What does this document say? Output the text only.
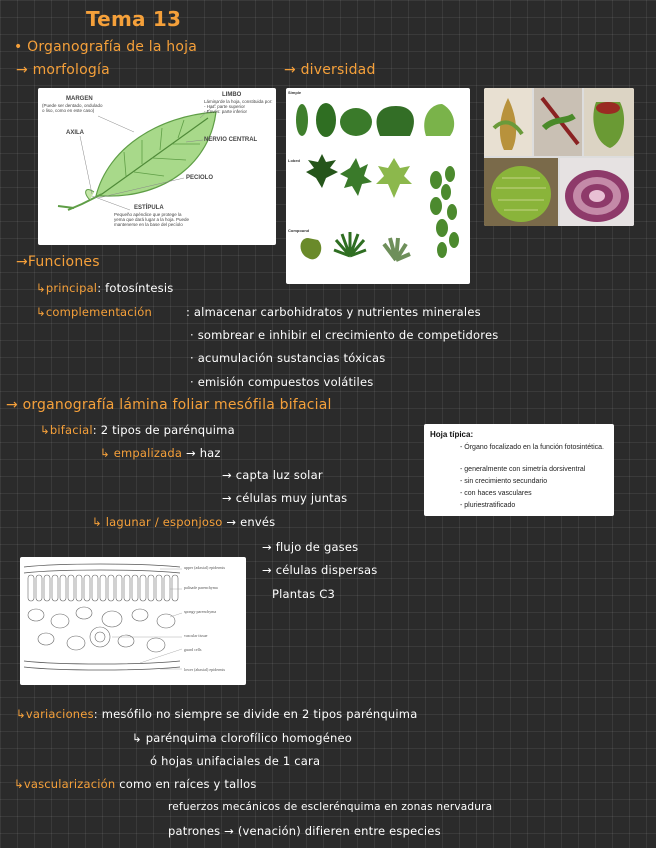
Tema 13
• Organografía de la hoja
→ morfología	→ diversidad
MARGEN
(Puede ser dentado, ondulado
o liso, como en este caso)
AXILA
LIMBO
Lámina de la hoja, constituida por:
- Haz: parte superior
- Envés: parte inferior
NERVIO CENTRAL
PECIOLO
ESTÍPULA
Pequeño apéndice que protege la
yema que dará lugar a la hoja. Puede
mantenerse en la base del pecíolo
Simple
Lobed
Compound
→Funciones
↳principal: fotosíntesis
↳complementación	: almacenar carbohidratos y nutrientes minerales
· sombrear e inhibir el crecimiento de competidores
· acumulación sustancias tóxicas
· emisión compuestos volátiles
→ organografía lámina foliar mesófila bifacial
↳bifacial: 2 tipos de parénquima
↳ empalizada → haz
→ capta luz solar
→ células muy juntas
↳ lagunar / esponjoso → envés
→ flujo de gases
→ células dispersas
Plantas C3
Hoja típica:
- Órgano focalizado en la función fotosintética.
- generalmente con simetría dorsiventral
- sin crecimiento secundario
- con haces vasculares
- pluriestratificado
upper (adaxial) epidermis
palisade parenchyma
spongy parenchyma
vascular tissue
guard cells
lower (abaxial) epidermis
↳variaciones: mesófilo no siempre se divide en 2 tipos parénquima
↳ parénquima clorofílico homogéneo
ó hojas unifaciales de 1 cara
↳vascularización como en raíces y tallos
refuerzos mecánicos de esclerénquima en zonas nervadura
patrones → (venación) difieren entre especies
